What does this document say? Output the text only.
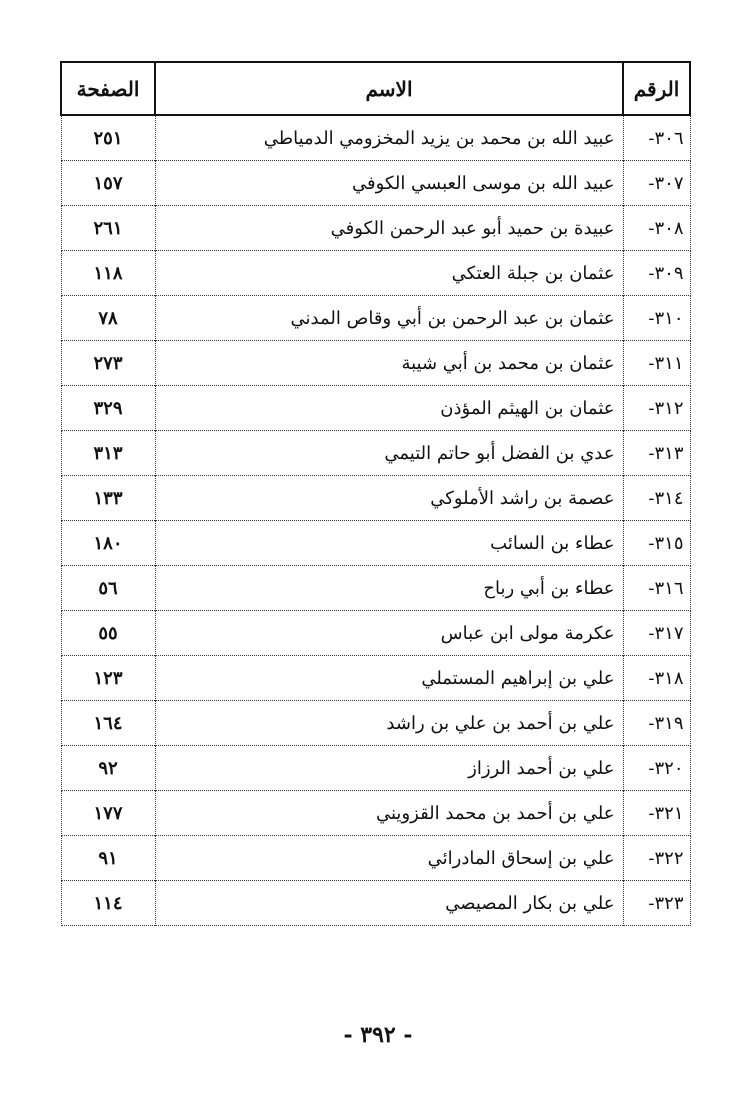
الرقم	الاسم	الصفحة

٣٠٦-	عبيد الله بن محمد بن يزيد المخزومي الدمياطي	٢٥١
٣٠٧-	عبيد الله بن موسى العبسي الكوفي	١٥٧
٣٠٨-	عبيدة بن حميد أبو عبد الرحمن الكوفي	٢٦١
٣٠٩-	عثمان بن جبلة العتكي	١١٨
٣١٠-	عثمان بن عبد الرحمن بن أبي وقاص المدني	٧٨
٣١١-	عثمان بن محمد بن أبي شيبة	٢٧٣
٣١٢-	عثمان بن الهيثم المؤذن	٣٢٩
٣١٣-	عدي بن الفضل أبو حاتم التيمي	٣١٣
٣١٤-	عصمة بن راشد الأملوكي	١٣٣
٣١٥-	عطاء بن السائب	١٨٠
٣١٦-	عطاء بن أبي رباح	٥٦
٣١٧-	عكرمة مولى ابن عباس	٥٥
٣١٨-	علي بن إبراهيم المستملي	١٢٣
٣١٩-	علي بن أحمد بن علي بن راشد	١٦٤
٣٢٠-	علي بن أحمد الرزاز	٩٢
٣٢١-	علي بن أحمد بن محمد القزويني	١٧٧
٣٢٢-	علي بن إسحاق المادرائي	٩١
٣٢٣-	علي بن بكار المصيصي	١١٤
- ٣٩٢ -
